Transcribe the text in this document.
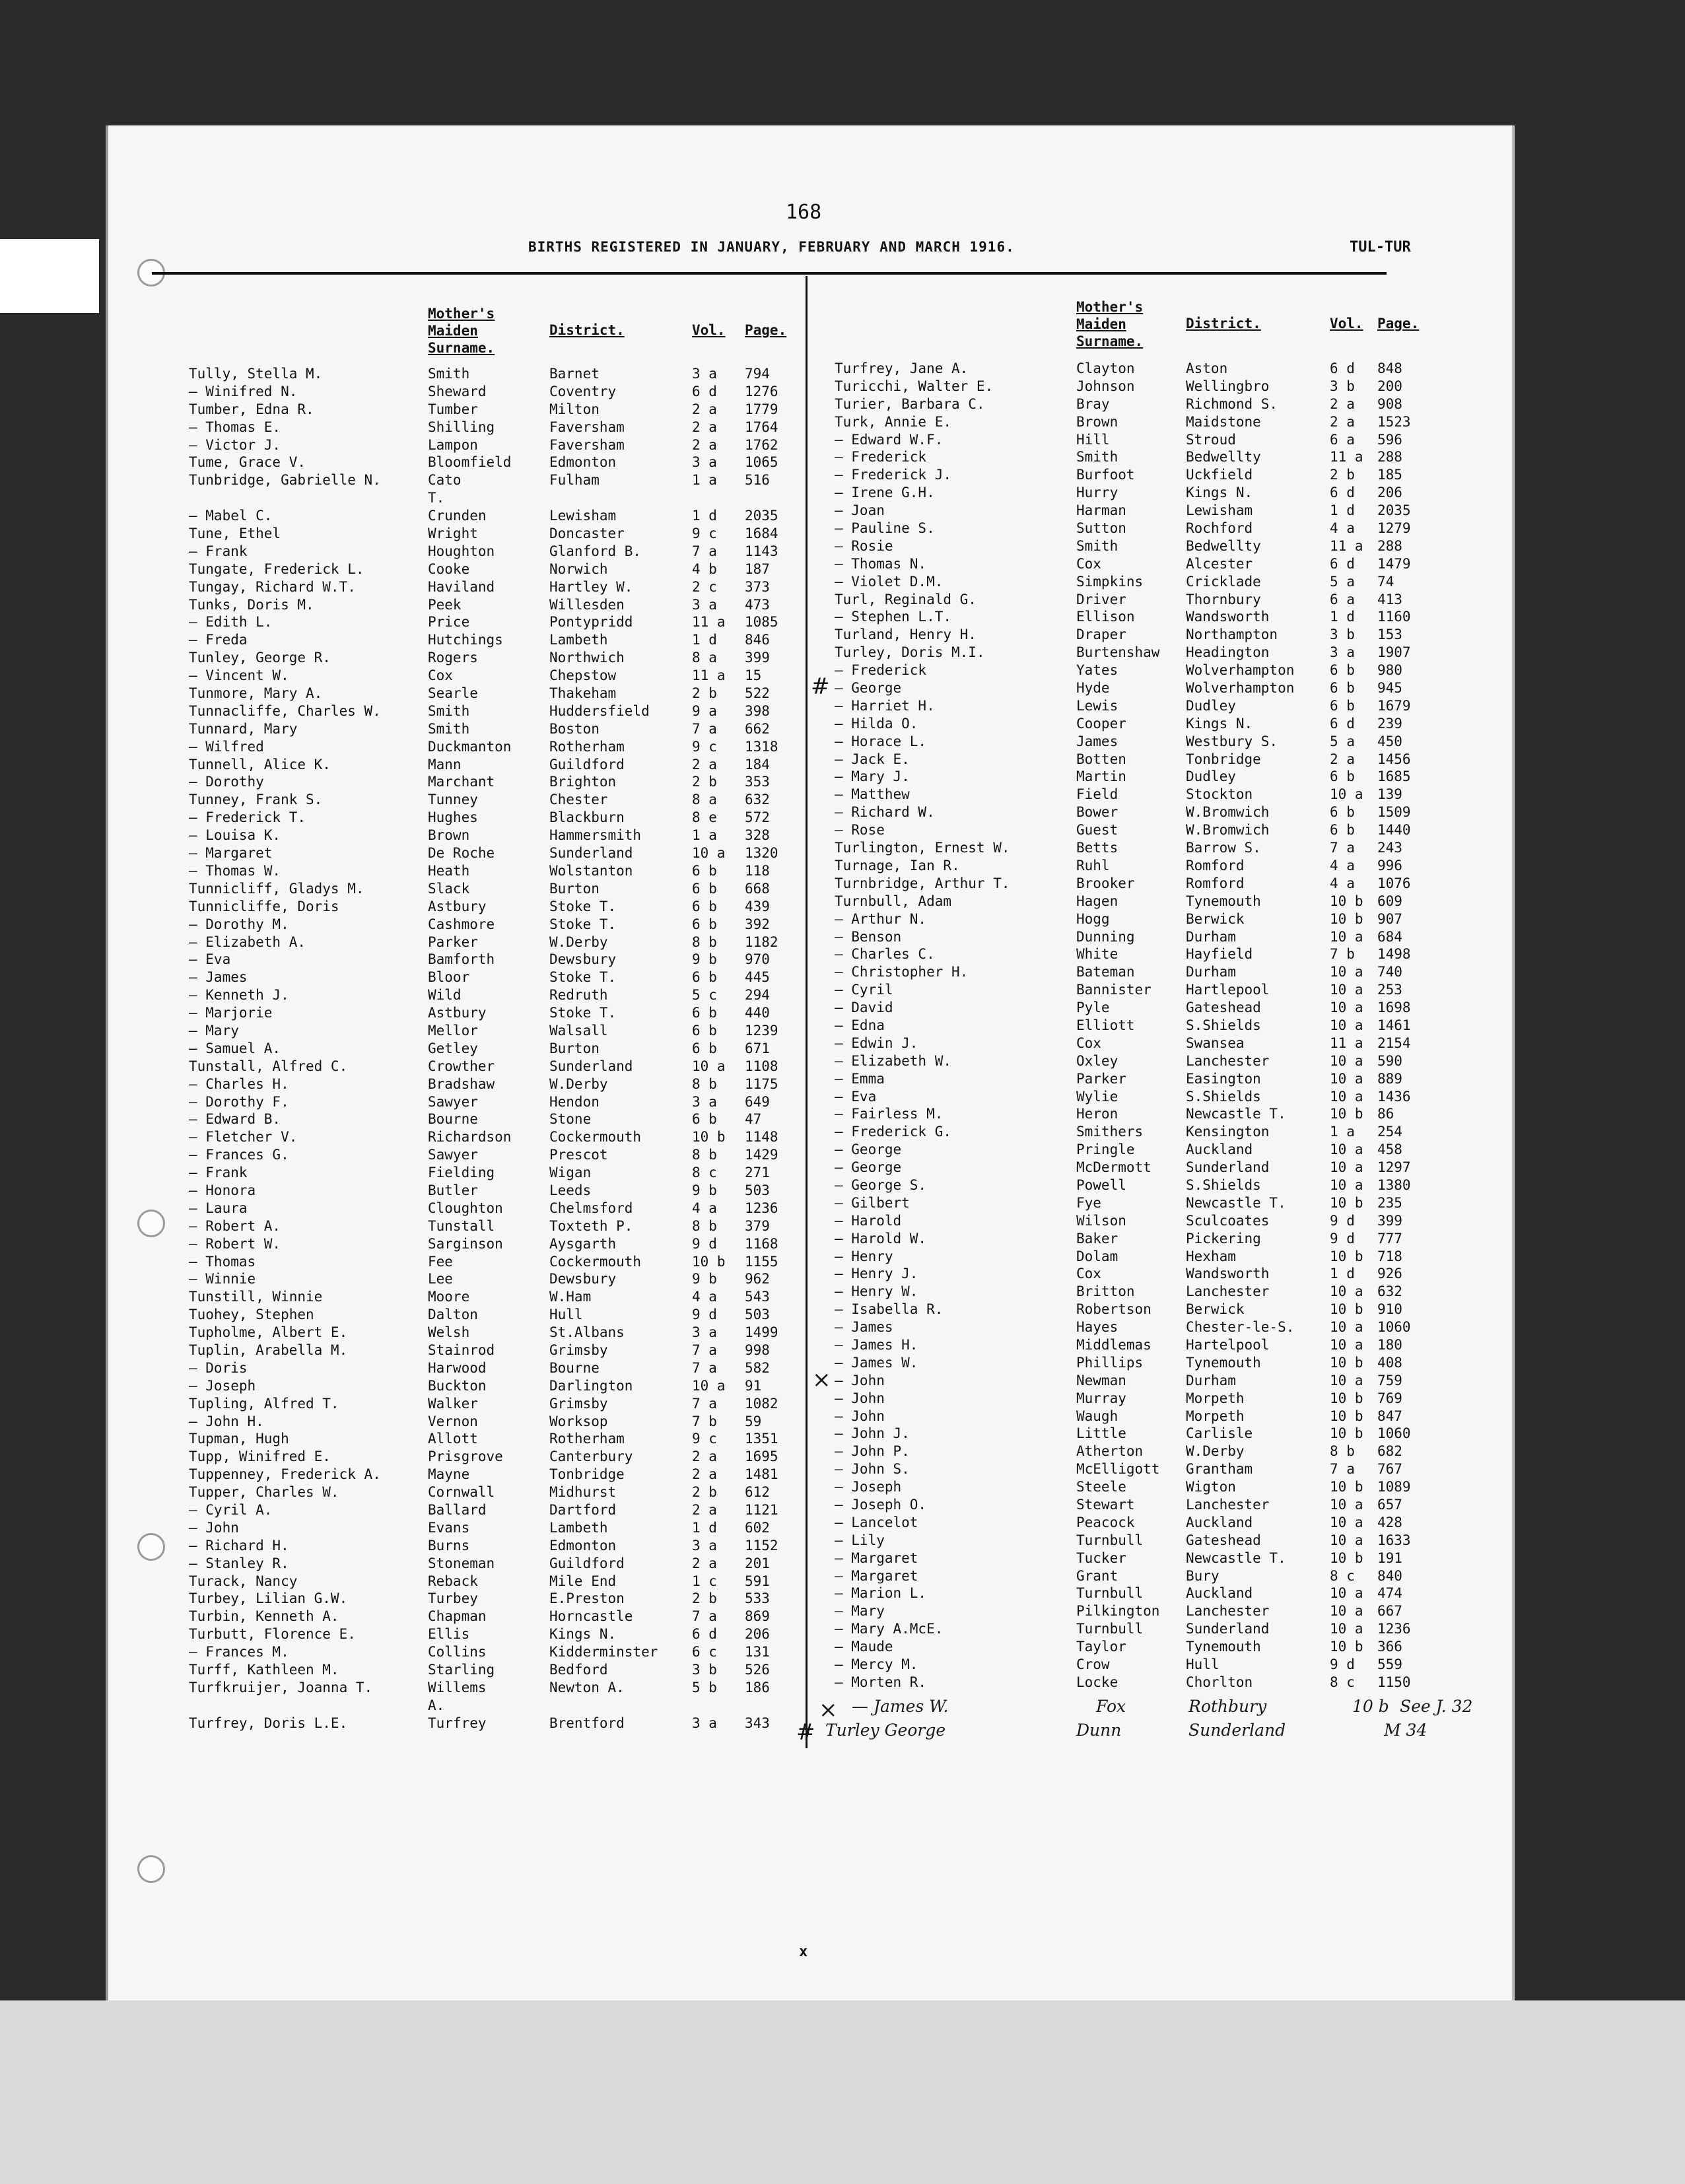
168
BIRTHS REGISTERED IN JANUARY, FEBRUARY AND MARCH 1916.	TUL-TUR
Mother's
Maiden
Surname.
District.	Vol. Page.
Tully, Stella M.	Smith	Barnet	3 a 794
— Winifred N.	Sheward	Coventry	6 d 1276
Tumber, Edna R.	Tumber	Milton	2 a 1779
— Thomas E.	Shilling	Faversham	2 a 1764
— Victor J.	Lampon	Faversham	2 a 1762
Tume, Grace V.	Bloomfield	Edmonton	3 a 1065
Tunbridge, Gabrielle N.	Cato	Fulham	1 a 516
T.
— Mabel C.	Crunden	Lewisham	1 d 2035
Tune, Ethel	Wright	Doncaster	9 c 1684
— Frank	Houghton	Glanford B.	7 a 1143
Tungate, Frederick L.	Cooke	Norwich	4 b 187
Tungay, Richard W.T.	Haviland	Hartley W.	2 c 373
Tunks, Doris M.	Peek	Willesden	3 a 473
— Edith L.	Price	Pontypridd	11 a 1085
— Freda	Hutchings	Lambeth	1 d 846
Tunley, George R.	Rogers	Northwich	8 a 399
— Vincent W.	Cox	Chepstow	11 a 15
Tunmore, Mary A.	Searle	Thakeham	2 b 522
Tunnacliffe, Charles W.	Smith	Huddersfield	9 a 398
Tunnard, Mary	Smith	Boston	7 a 662
— Wilfred	Duckmanton	Rotherham	9 c 1318
Tunnell, Alice K.	Mann	Guildford	2 a 184
— Dorothy	Marchant	Brighton	2 b 353
Tunney, Frank S.	Tunney	Chester	8 a 632
— Frederick T.	Hughes	Blackburn	8 e 572
— Louisa K.	Brown	Hammersmith	1 a 328
— Margaret	De Roche	Sunderland	10 a 1320
— Thomas W.	Heath	Wolstanton	6 b 118
Tunnicliff, Gladys M.	Slack	Burton	6 b 668
Tunnicliffe, Doris	Astbury	Stoke T.	6 b 439
— Dorothy M.	Cashmore	Stoke T.	6 b 392
— Elizabeth A.	Parker	W.Derby	8 b 1182
— Eva	Bamforth	Dewsbury	9 b 970
— James	Bloor	Stoke T.	6 b 445
— Kenneth J.	Wild	Redruth	5 c 294
— Marjorie	Astbury	Stoke T.	6 b 440
— Mary	Mellor	Walsall	6 b 1239
— Samuel A.	Getley	Burton	6 b 671
Tunstall, Alfred C.	Crowther	Sunderland	10 a 1108
— Charles H.	Bradshaw	W.Derby	8 b 1175
— Dorothy F.	Sawyer	Hendon	3 a 649
— Edward B.	Bourne	Stone	6 b 47
— Fletcher V.	Richardson	Cockermouth	10 b 1148
— Frances G.	Sawyer	Prescot	8 b 1429
— Frank	Fielding	Wigan	8 c 271
— Honora	Butler	Leeds	9 b 503
— Laura	Cloughton	Chelmsford	4 a 1236
— Robert A.	Tunstall	Toxteth P.	8 b 379
— Robert W.	Sarginson	Aysgarth	9 d 1168
— Thomas	Fee	Cockermouth	10 b 1155
— Winnie	Lee	Dewsbury	9 b 962
Tunstill, Winnie	Moore	W.Ham	4 a 543
Tuohey, Stephen	Dalton	Hull	9 d 503
Tupholme, Albert E.	Welsh	St.Albans	3 a 1499
Tuplin, Arabella M.	Stainrod	Grimsby	7 a 998
— Doris	Harwood	Bourne	7 a 582
— Joseph	Buckton	Darlington	10 a 91
Tupling, Alfred T.	Walker	Grimsby	7 a 1082
— John H.	Vernon	Worksop	7 b 59
Tupman, Hugh	Allott	Rotherham	9 c 1351
Tupp, Winifred E.	Prisgrove	Canterbury	2 a 1695
Tuppenney, Frederick A.	Mayne	Tonbridge	2 a 1481
Tupper, Charles W.	Cornwall	Midhurst	2 b 612
— Cyril A.	Ballard	Dartford	2 a 1121
— John	Evans	Lambeth	1 d 602
— Richard H.	Burns	Edmonton	3 a 1152
— Stanley R.	Stoneman	Guildford	2 a 201
Turack, Nancy	Reback	Mile End	1 c 591
Turbey, Lilian G.W.	Turbey	E.Preston	2 b 533
Turbin, Kenneth A.	Chapman	Horncastle	7 a 869
Turbutt, Florence E.	Ellis	Kings N.	6 d 206
— Frances M.	Collins	Kidderminster 6 c 131
Turff, Kathleen M.	Starling	Bedford	3 b 526
Turfkruijer, Joanna T.	Willems	Newton A.	5 b 186
A.
Turfrey, Doris L.E.	Turfrey	Brentford	3 a 343
Mother's
Maiden
Surname.
District.	Vol. Page.
Turfrey, Jane A.	Clayton	Aston	6 d 848
Turicchi, Walter E.	Johnson	Wellingbro	3 b 200
Turier, Barbara C.	Bray	Richmond S.	2 a 908
Turk, Annie E.	Brown	Maidstone	2 a 1523
— Edward W.F.	Hill	Stroud	6 a 596
— Frederick	Smith	Bedwellty	11 a 288
— Frederick J.	Burfoot	Uckfield	2 b 185
— Irene G.H.	Hurry	Kings N.	6 d 206
— Joan	Harman	Lewisham	1 d 2035
— Pauline S.	Sutton	Rochford	4 a 1279
— Rosie	Smith	Bedwellty	11 a 288
— Thomas N.	Cox	Alcester	6 d 1479
— Violet D.M.	Simpkins	Cricklade	5 a 74
Turl, Reginald G.	Driver	Thornbury	6 a 413
— Stephen L.T.	Ellison	Wandsworth	1 d 1160
Turland, Henry H.	Draper	Northampton	3 b 153
Turley, Doris M.I.	Burtenshaw Headington	3 a 1907
— Frederick	Yates	Wolverhampton	6 b 980
— George	Hyde	Wolverhampton	6 b 945
— Harriet H.	Lewis	Dudley	6 b 1679
— Hilda O.	Cooper	Kings N.	6 d 239
— Horace L.	James	Westbury S.	5 a 450
— Jack E.	Botten	Tonbridge	2 a 1456
— Mary J.	Martin	Dudley	6 b 1685
— Matthew	Field	Stockton	10 a 139
— Richard W.	Bower	W.Bromwich	6 b 1509
— Rose	Guest	W.Bromwich	6 b 1440
Turlington, Ernest W.	Betts	Barrow S.	7 a 243
Turnage, Ian R.	Ruhl	Romford	4 a 996
Turnbridge, Arthur T.	Brooker	Romford	4 a 1076
Turnbull, Adam	Hagen	Tynemouth	10 b 609
— Arthur N.	Hogg	Berwick	10 b 907
— Benson	Dunning	Durham	10 a 684
— Charles C.	White	Hayfield	7 b 1498
— Christopher H.	Bateman	Durham	10 a 740
— Cyril	Bannister Hartlepool	10 a 253
— David	Pyle	Gateshead	10 a 1698
— Edna	Elliott	S.Shields	10 a 1461
— Edwin J.	Cox	Swansea	11 a 2154
— Elizabeth W.	Oxley	Lanchester	10 a 590
— Emma	Parker	Easington	10 a 889
— Eva	Wylie	S.Shields	10 a 1436
— Fairless M.	Heron	Newcastle T.	10 b 86
— Frederick G.	Smithers	Kensington	1 a 254
— George	Pringle	Auckland	10 a 458
— George	McDermott Sunderland	10 a 1297
— George S.	Powell	S.Shields	10 a 1380
— Gilbert	Fye	Newcastle T.	10 b 235
— Harold	Wilson	Sculcoates	9 d 399
— Harold W.	Baker	Pickering	9 d 777
— Henry	Dolam	Hexham	10 b 718
— Henry J.	Cox	Wandsworth	1 d 926
— Henry W.	Britton	Lanchester	10 a 632
— Isabella R.	Robertson Berwick	10 b 910
— James	Hayes	Chester-le-S.	10 a 1060
— James H.	Middlemas Hartelpool	10 a 180
— James W.	Phillips	Tynemouth	10 b 408
— John	Newman	Durham	10 a 759
— John	Murray	Morpeth	10 b 769
— John	Waugh	Morpeth	10 b 847
— John J.	Little	Carlisle	10 b 1060
— John P.	Atherton	W.Derby	8 b 682
— John S.	McElligott Grantham	7 a 767
— Joseph	Steele	Wigton	10 b 1089
— Joseph O.	Stewart	Lanchester	10 a 657
— Lancelot	Peacock	Auckland	10 a 428
— Lily	Turnbull	Gateshead	10 a 1633
— Margaret	Tucker	Newcastle T.	10 b 191
— Margaret	Grant	Bury	8 c 840
— Marion L.	Turnbull	Auckland	10 a 474
— Mary	Pilkington Lanchester	10 a 667
— Mary A.McE.	Turnbull	Sunderland	10 a 1236
— Maude	Taylor	Tynemouth	10 b 366
— Mercy M.	Crow	Hull	9 d 559
— Morten R.	Locke	Chorlton	8 c 1150
— James W.	Fox	Rothbury	10 b See J. 32
Turley George	Dunn	Sunderland	M 34
#
×
×
#
x
